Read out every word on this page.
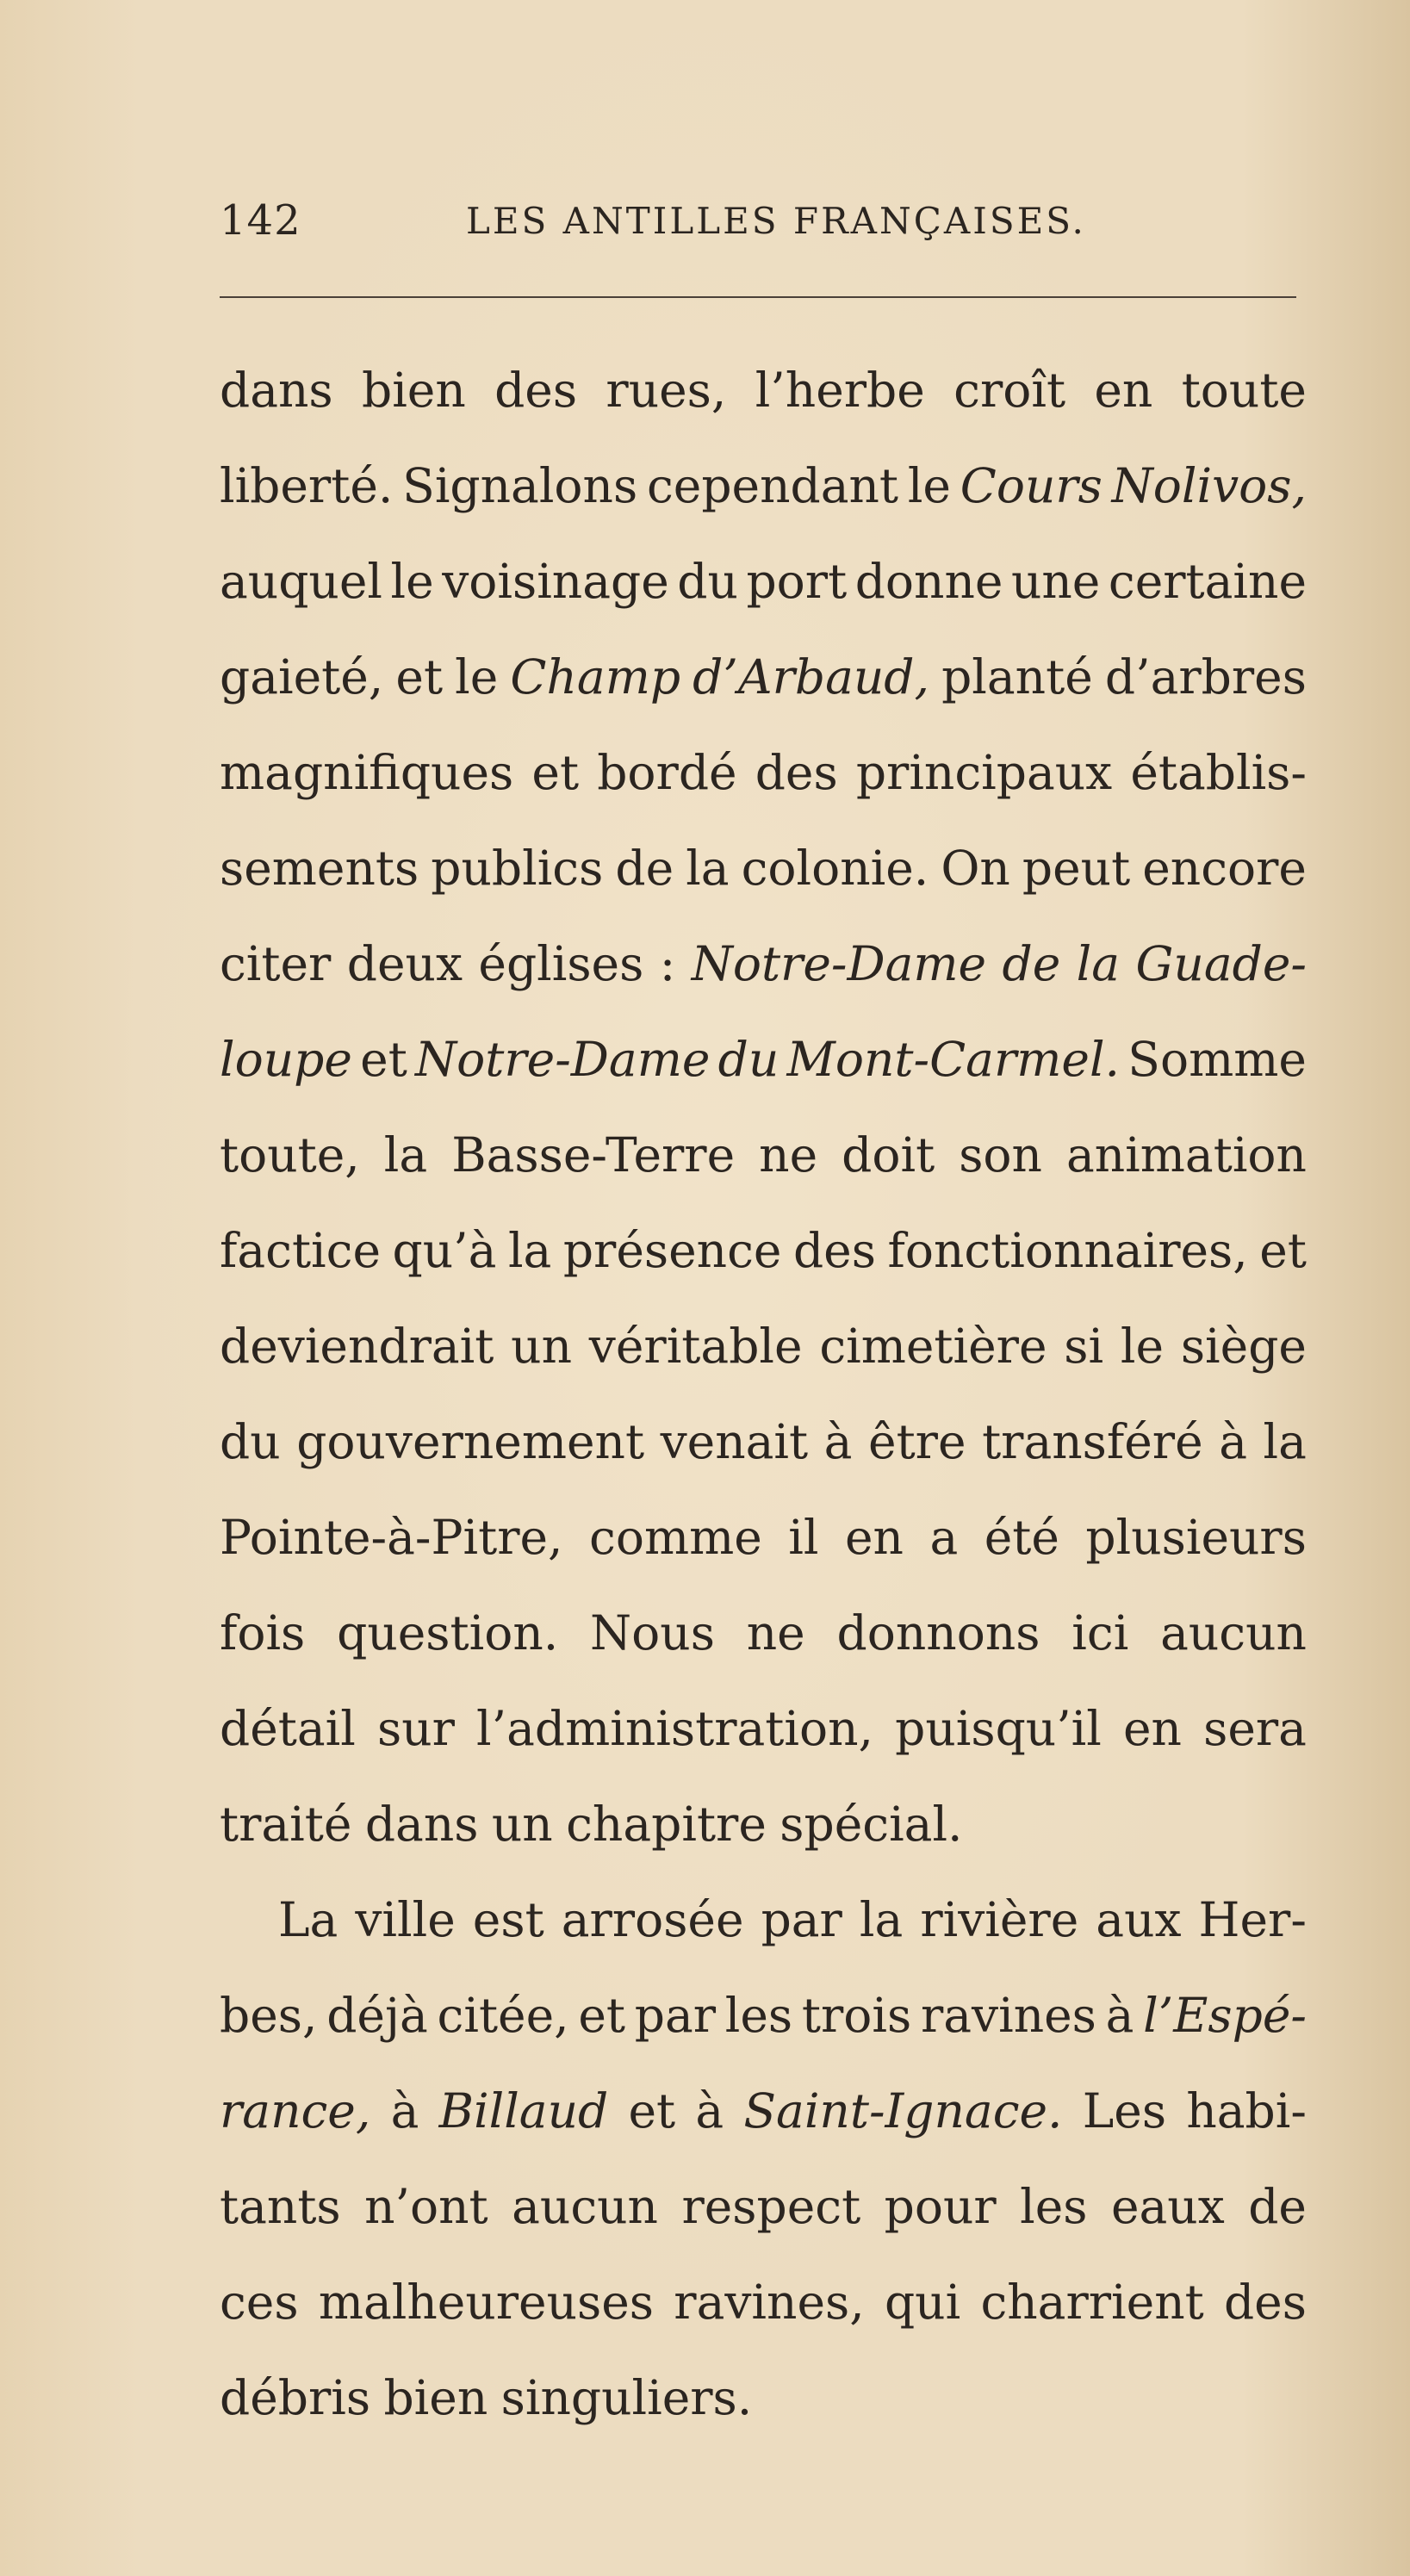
142	LES ANTILLES FRANÇAISES.
dans bien des rues, l’herbe croît en toute
liberté. Signalons cependant le Cours Nolivos,
auquel le voisinage du port donne une certaine
gaieté, et le Champ d’Arbaud, planté d’arbres
magnifiques et bordé des principaux établis-
sements publics de la colonie. On peut encore
citer deux églises : Notre-Dame de la Guade-
loupe et Notre-Dame du Mont-Carmel. Somme
toute, la Basse-Terre ne doit son animation
factice qu’à la présence des fonctionnaires, et
deviendrait un véritable cimetière si le siège
du gouvernement venait à être transféré à la
Pointe-à-Pitre, comme il en a été plusieurs
fois question. Nous ne donnons ici aucun
détail sur l’administration, puisqu’il en sera
traité dans un chapitre spécial.
La ville est arrosée par la rivière aux Her-
bes, déjà citée, et par les trois ravines à l’Espé-
rance, à Billaud et à Saint-Ignace. Les habi-
tants n’ont aucun respect pour les eaux de
ces malheureuses ravines, qui charrient des
débris bien singuliers.
